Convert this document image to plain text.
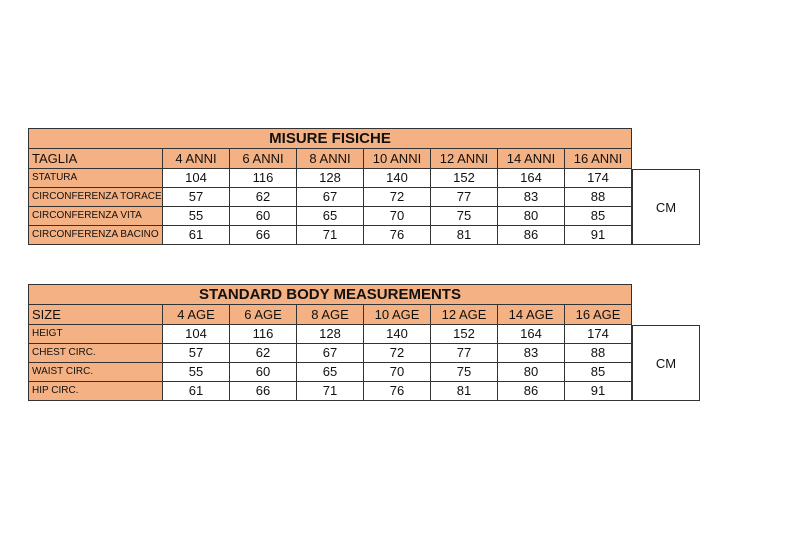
MISURE FISICHE
TAGLIA	4 ANNI	6 ANNI	8 ANNI	10 ANNI	12 ANNI	14 ANNI	16 ANNI
STATURA	104	116	128	140	152	164	174
CIRCONFERENZA TORACE	57	62	67	72	77	83	88
CIRCONFERENZA VITA	55	60	65	70	75	80	85
CIRCONFERENZA BACINO	61	66	71	76	81	86	91
CM
STANDARD BODY MEASUREMENTS
SIZE	4 AGE	6 AGE	8 AGE	10 AGE	12 AGE	14 AGE	16 AGE
HEIGT	104	116	128	140	152	164	174
CHEST CIRC.	57	62	67	72	77	83	88
WAIST CIRC.	55	60	65	70	75	80	85
HIP CIRC.	61	66	71	76	81	86	91
CM
